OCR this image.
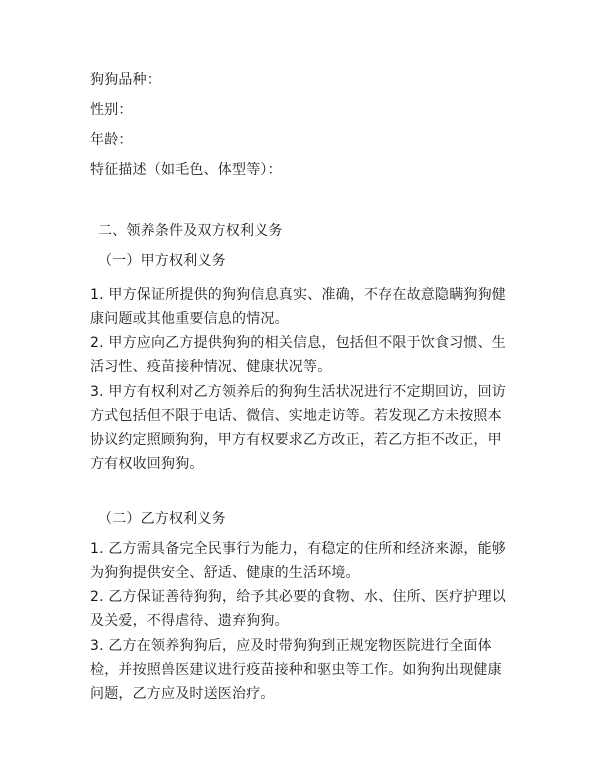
狗狗品种：
性别：
年龄：
特征描述（如毛色、体型等）：
二、领养条件及双方权利义务
（一）甲方权利义务
1. 甲方保证所提供的狗狗信息真实、准确，不存在故意隐瞒狗狗健康问题或其他重要信息的情况。
2. 甲方应向乙方提供狗狗的相关信息，包括但不限于饮食习惯、生活习性、疫苗接种情况、健康状况等。
3. 甲方有权利对乙方领养后的狗狗生活状况进行不定期回访，回访方式包括但不限于电话、微信、实地走访等。若发现乙方未按照本协议约定照顾狗狗，甲方有权要求乙方改正，若乙方拒不改正，甲方有权收回狗狗。
（二）乙方权利义务
1. 乙方需具备完全民事行为能力，有稳定的住所和经济来源，能够为狗狗提供安全、舒适、健康的生活环境。
2. 乙方保证善待狗狗，给予其必要的食物、水、住所、医疗护理以及关爱，不得虐待、遗弃狗狗。
3. 乙方在领养狗狗后，应及时带狗狗到正规宠物医院进行全面体检，并按照兽医建议进行疫苗接种和驱虫等工作。如狗狗出现健康问题，乙方应及时送医治疗。
